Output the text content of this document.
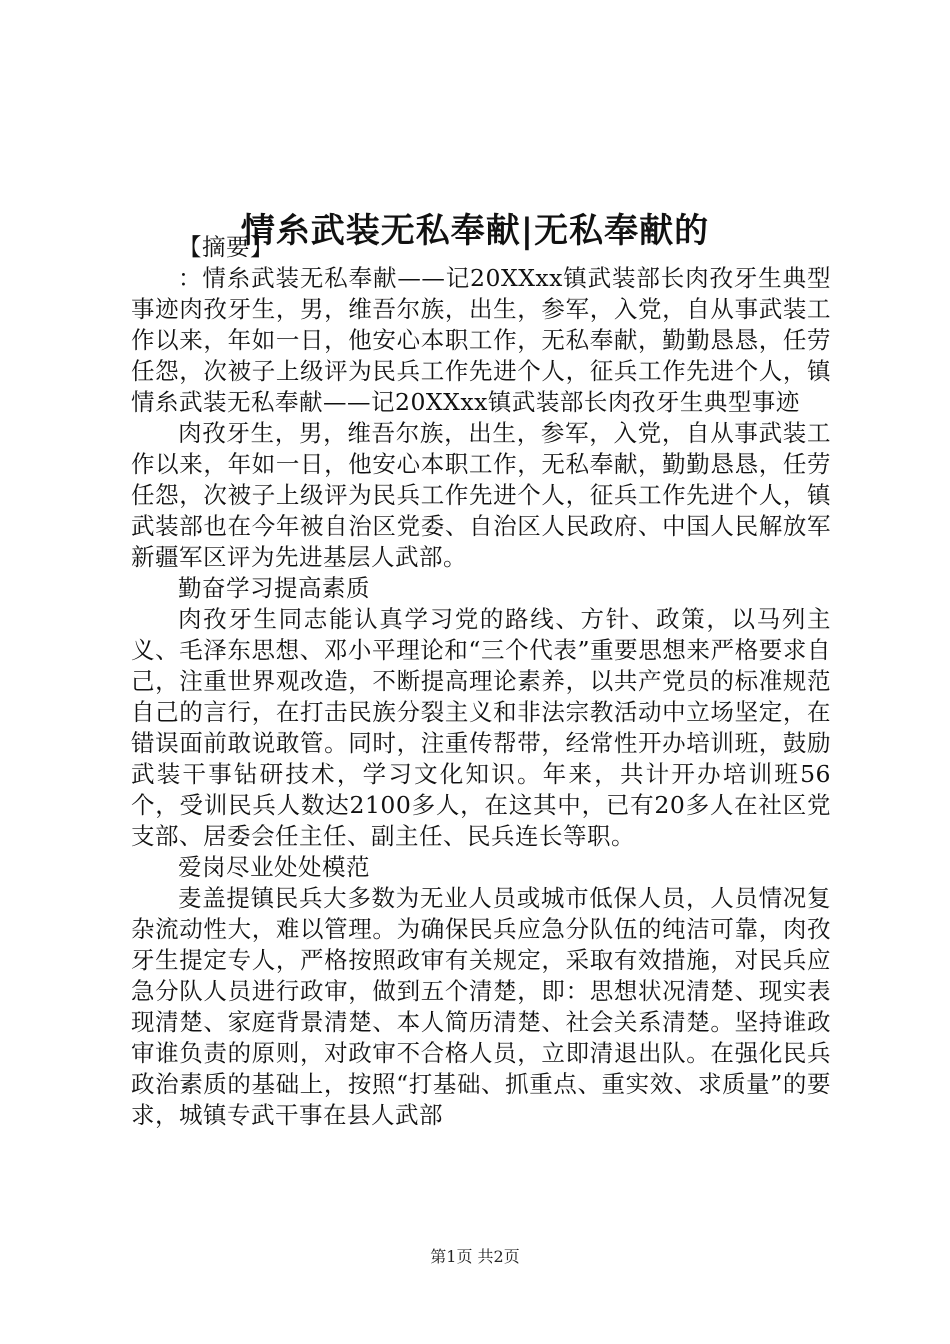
情糸武装无私奉献|无私奉献的

【摘要】

：情糸武装无私奉献——记20XXxx镇武装部长肉孜牙生典型事迹肉孜牙生，男，维吾尔族，出生，参军，入党，自从事武装工作以来，年如一日，他安心本职工作，无私奉献，勤勤恳恳，任劳任怨，次被子上级评为民兵工作先进个人，征兵工作先进个人，镇情糸武装无私奉献——记20XXxx镇武装部长肉孜牙生典型事迹

肉孜牙生，男，维吾尔族，出生，参军，入党，自从事武装工作以来，年如一日，他安心本职工作，无私奉献，勤勤恳恳，任劳任怨，次被子上级评为民兵工作先进个人，征兵工作先进个人，镇武装部也在今年被自治区党委、自治区人民政府、中国人民解放军新疆军区评为先进基层人武部。

勤奋学习提高素质

肉孜牙生同志能认真学习党的路线、方针、政策，以马列主义、毛泽东思想、邓小平理论和“三个代表”重要思想来严格要求自己，注重世界观改造，不断提高理论素养，以共产党员的标准规范自己的言行，在打击民族分裂主义和非法宗教活动中立场坚定，在错误面前敢说敢管。同时，注重传帮带，经常性开办培训班，鼓励武装干事钻研技术，学习文化知识。年来，共计开办培训班56个，受训民兵人数达2100多人，在这其中，已有20多人在社区党支部、居委会任主任、副主任、民兵连长等职。

爱岗尽业处处模范

麦盖提镇民兵大多数为无业人员或城市低保人员，人员情况复杂流动性大，难以管理。为确保民兵应急分队伍的纯洁可靠，肉孜牙生提定专人，严格按照政审有关规定，采取有效措施，对民兵应急分队人员进行政审，做到五个清楚，即：思想状况清楚、现实表现清楚、家庭背景清楚、本人简历清楚、社会关系清楚。坚持谁政审谁负责的原则，对政审不合格人员，立即清退出队。在强化民兵政治素质的基础上，按照“打基础、抓重点、重实效、求质量”的要求，城镇专武干事在县人武部

第1页 共2页
